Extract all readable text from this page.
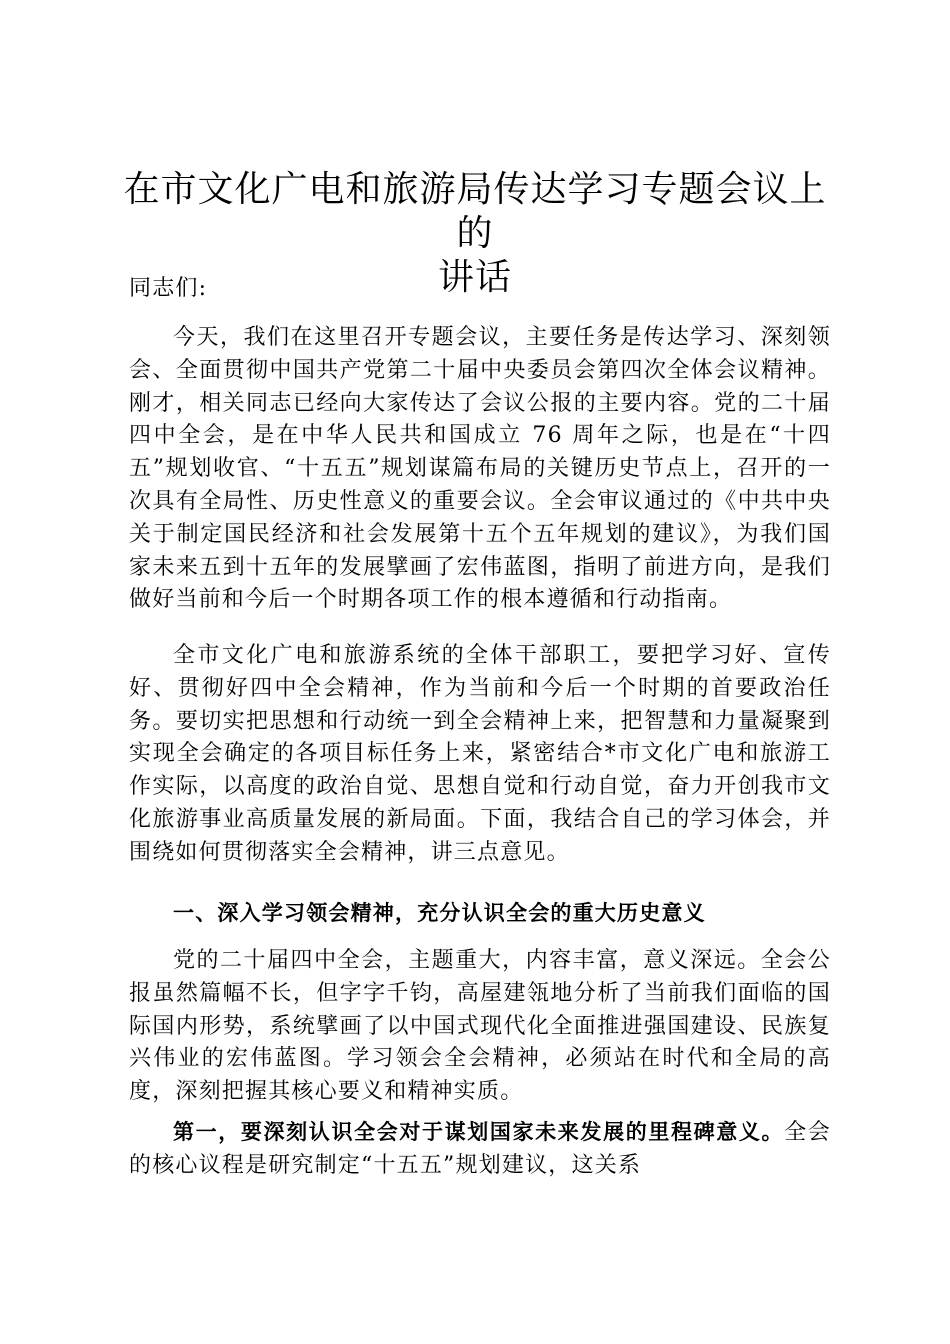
在市文化广电和旅游局传达学习专题会议上的
讲话

同志们:

今天，我们在这里召开专题会议，主要任务是传达学习、深刻领会、全面贯彻中国共产党第二十届中央委员会第四次全体会议精神。刚才，相关同志已经向大家传达了会议公报的主要内容。党的二十届四中全会，是在中华人民共和国成立 76 周年之际，也是在“十四五”规划收官、“十五五”规划谋篇布局的关键历史节点上，召开的一次具有全局性、历史性意义的重要会议。全会审议通过的《中共中央关于制定国民经济和社会发展第十五个五年规划的建议》，为我们国家未来五到十五年的发展擘画了宏伟蓝图，指明了前进方向，是我们做好当前和今后一个时期各项工作的根本遵循和行动指南。

全市文化广电和旅游系统的全体干部职工，要把学习好、宣传好、贯彻好四中全会精神，作为当前和今后一个时期的首要政治任务。要切实把思想和行动统一到全会精神上来，把智慧和力量凝聚到实现全会确定的各项目标任务上来，紧密结合*市文化广电和旅游工作实际，以高度的政治自觉、思想自觉和行动自觉，奋力开创我市文化旅游事业高质量发展的新局面。下面，我结合自己的学习体会，并围绕如何贯彻落实全会精神，讲三点意见。

一、深入学习领会精神，充分认识全会的重大历史意义

党的二十届四中全会，主题重大，内容丰富，意义深远。全会公报虽然篇幅不长，但字字千钧，高屋建瓴地分析了当前我们面临的国际国内形势，系统擘画了以中国式现代化全面推进强国建设、民族复兴伟业的宏伟蓝图。学习领会全会精神，必须站在时代和全局的高度，深刻把握其核心要义和精神实质。

第一，要深刻认识全会对于谋划国家未来发展的里程碑意义。全会的核心议程是研究制定“十五五”规划建议，这关系
